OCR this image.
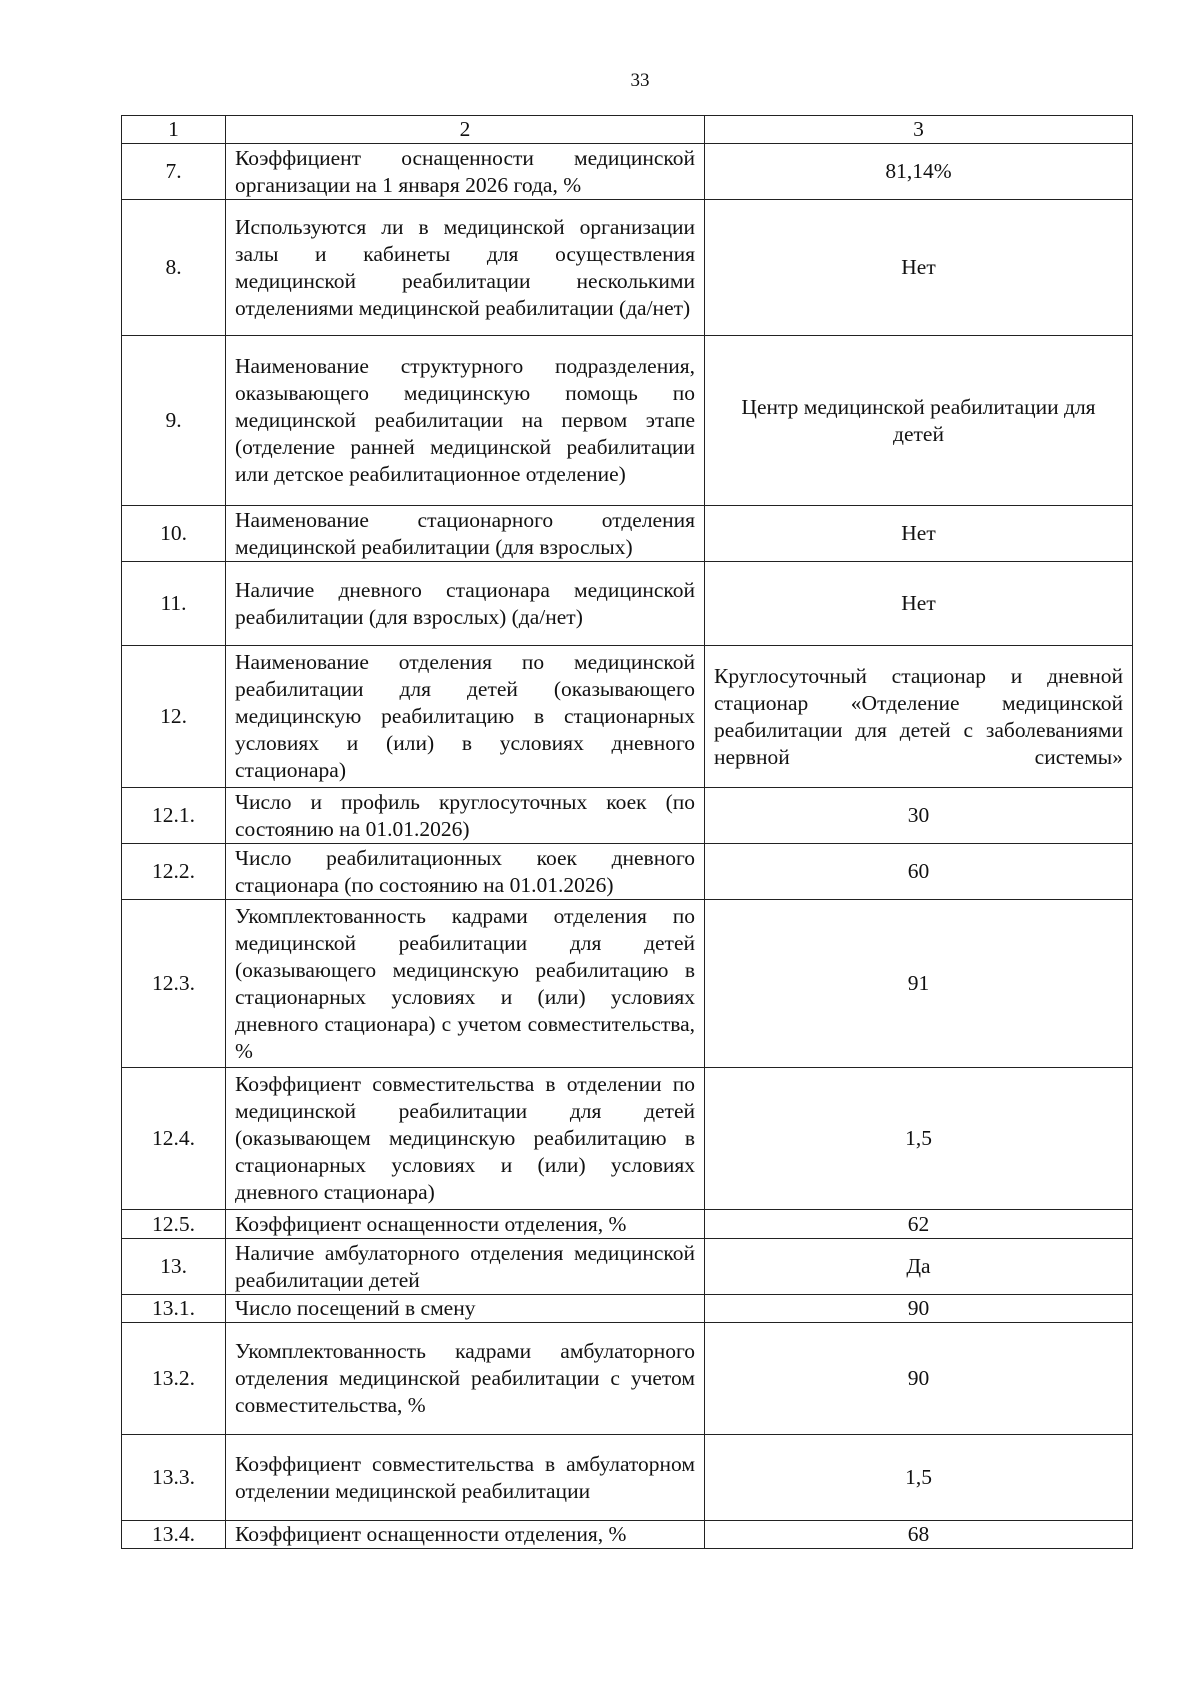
33
1	2	3
7.	Коэффициент оснащенности медицинской организации на 1 января 2026 года, %	81,14%
8.	Используются ли в медицинской организации залы и кабинеты для осуществления медицинской реабилитации несколькими отделениями медицинской реабилитации (да/нет)	Нет
9.	Наименование структурного подразделения, оказывающего медицинскую помощь по медицинской реабилитации на первом этапе (отделение ранней медицинской реабилитации или детское реабилитационное отделение)	Центр медицинской реабилитации для детей
10.	Наименование стационарного отделения медицинской реабилитации (для взрослых)	Нет
11.	Наличие дневного стационара медицинской реабилитации (для взрослых) (да/нет)	Нет
12.	Наименование отделения по медицинской реабилитации для детей (оказывающего медицинскую реабилитацию в стационарных условиях и (или) в условиях дневного стационара)	Круглосуточный стационар и дневной стационар «Отделение медицинской реабилитации для детей с заболеваниями нервной системы»
12.1.	Число и профиль круглосуточных коек (по состоянию на 01.01.2026)	30
12.2.	Число реабилитационных коек дневного стационара (по состоянию на 01.01.2026)	60
12.3.	Укомплектованность кадрами отделения по медицинской реабилитации для детей (оказывающего медицинскую реабилитацию в стационарных условиях и (или) условиях дневного стационара) с учетом совместительства, %	91
12.4.	Коэффициент совместительства в отделении по медицинской реабилитации для детей (оказывающем медицинскую реабилитацию в стационарных условиях и (или) условиях дневного стационара)	1,5
12.5.	Коэффициент оснащенности отделения, %	62
13.	Наличие амбулаторного отделения медицинской реабилитации детей	Да
13.1.	Число посещений в смену	90
13.2.	Укомплектованность кадрами амбулаторного отделения медицинской реабилитации с учетом совместительства, %	90
13.3.	Коэффициент совместительства в амбулаторном отделении медицинской реабилитации	1,5
13.4.	Коэффициент оснащенности отделения, %	68
